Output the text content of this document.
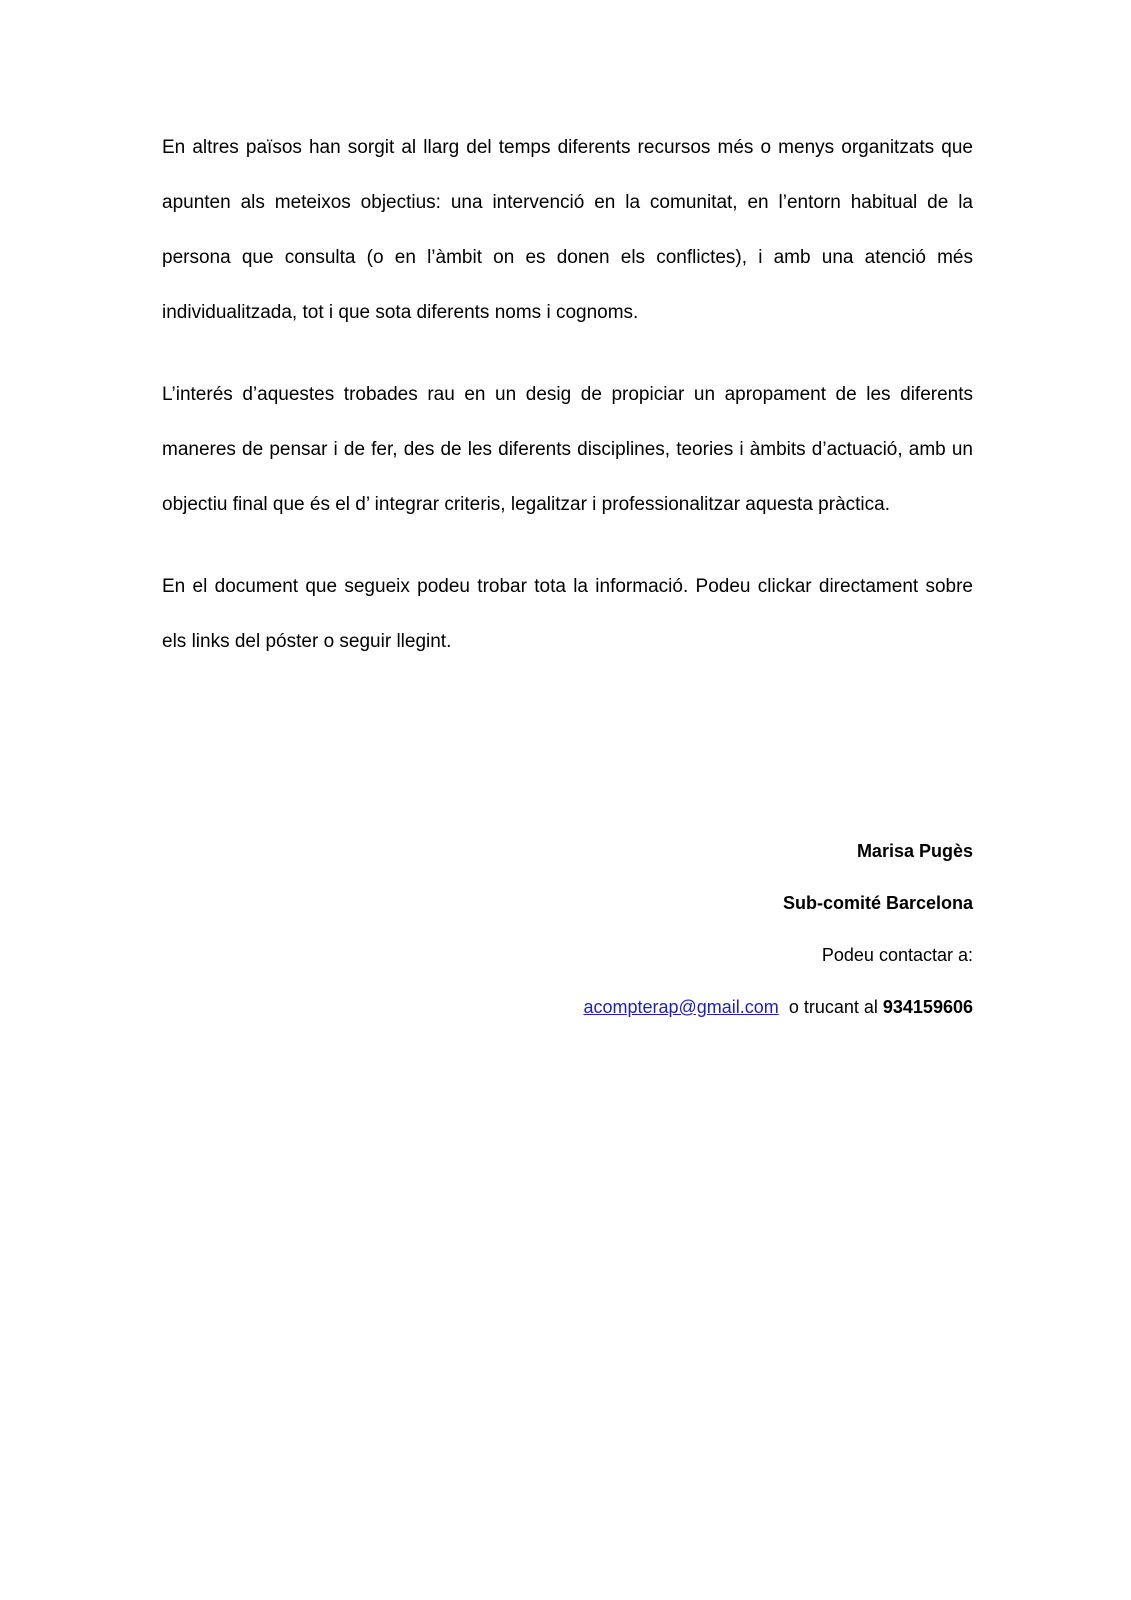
En altres països han sorgit al llarg del temps diferents recursos més o menys organitzats que apunten als meteixos objectius: una intervenció en la comunitat, en l’entorn habitual de la persona que consulta (o en l’àmbit on es donen els conflictes), i amb una atenció més individualitzada, tot i que sota diferents noms i cognoms.

L’interés d’aquestes trobades rau en un desig de propiciar un apropament de les diferents maneres de pensar i de fer, des de les diferents disciplines, teories i àmbits d’actuació, amb un objectiu final que és el d’ integrar criteris, legalitzar i professionalitzar aquesta pràctica.

En el document que segueix podeu trobar tota la informació. Podeu clickar directament sobre els links del póster o seguir llegint.

Marisa Pugès
Sub-comité Barcelona
Podeu contactar a:
acompterap@gmail.com o trucant al 934159606
